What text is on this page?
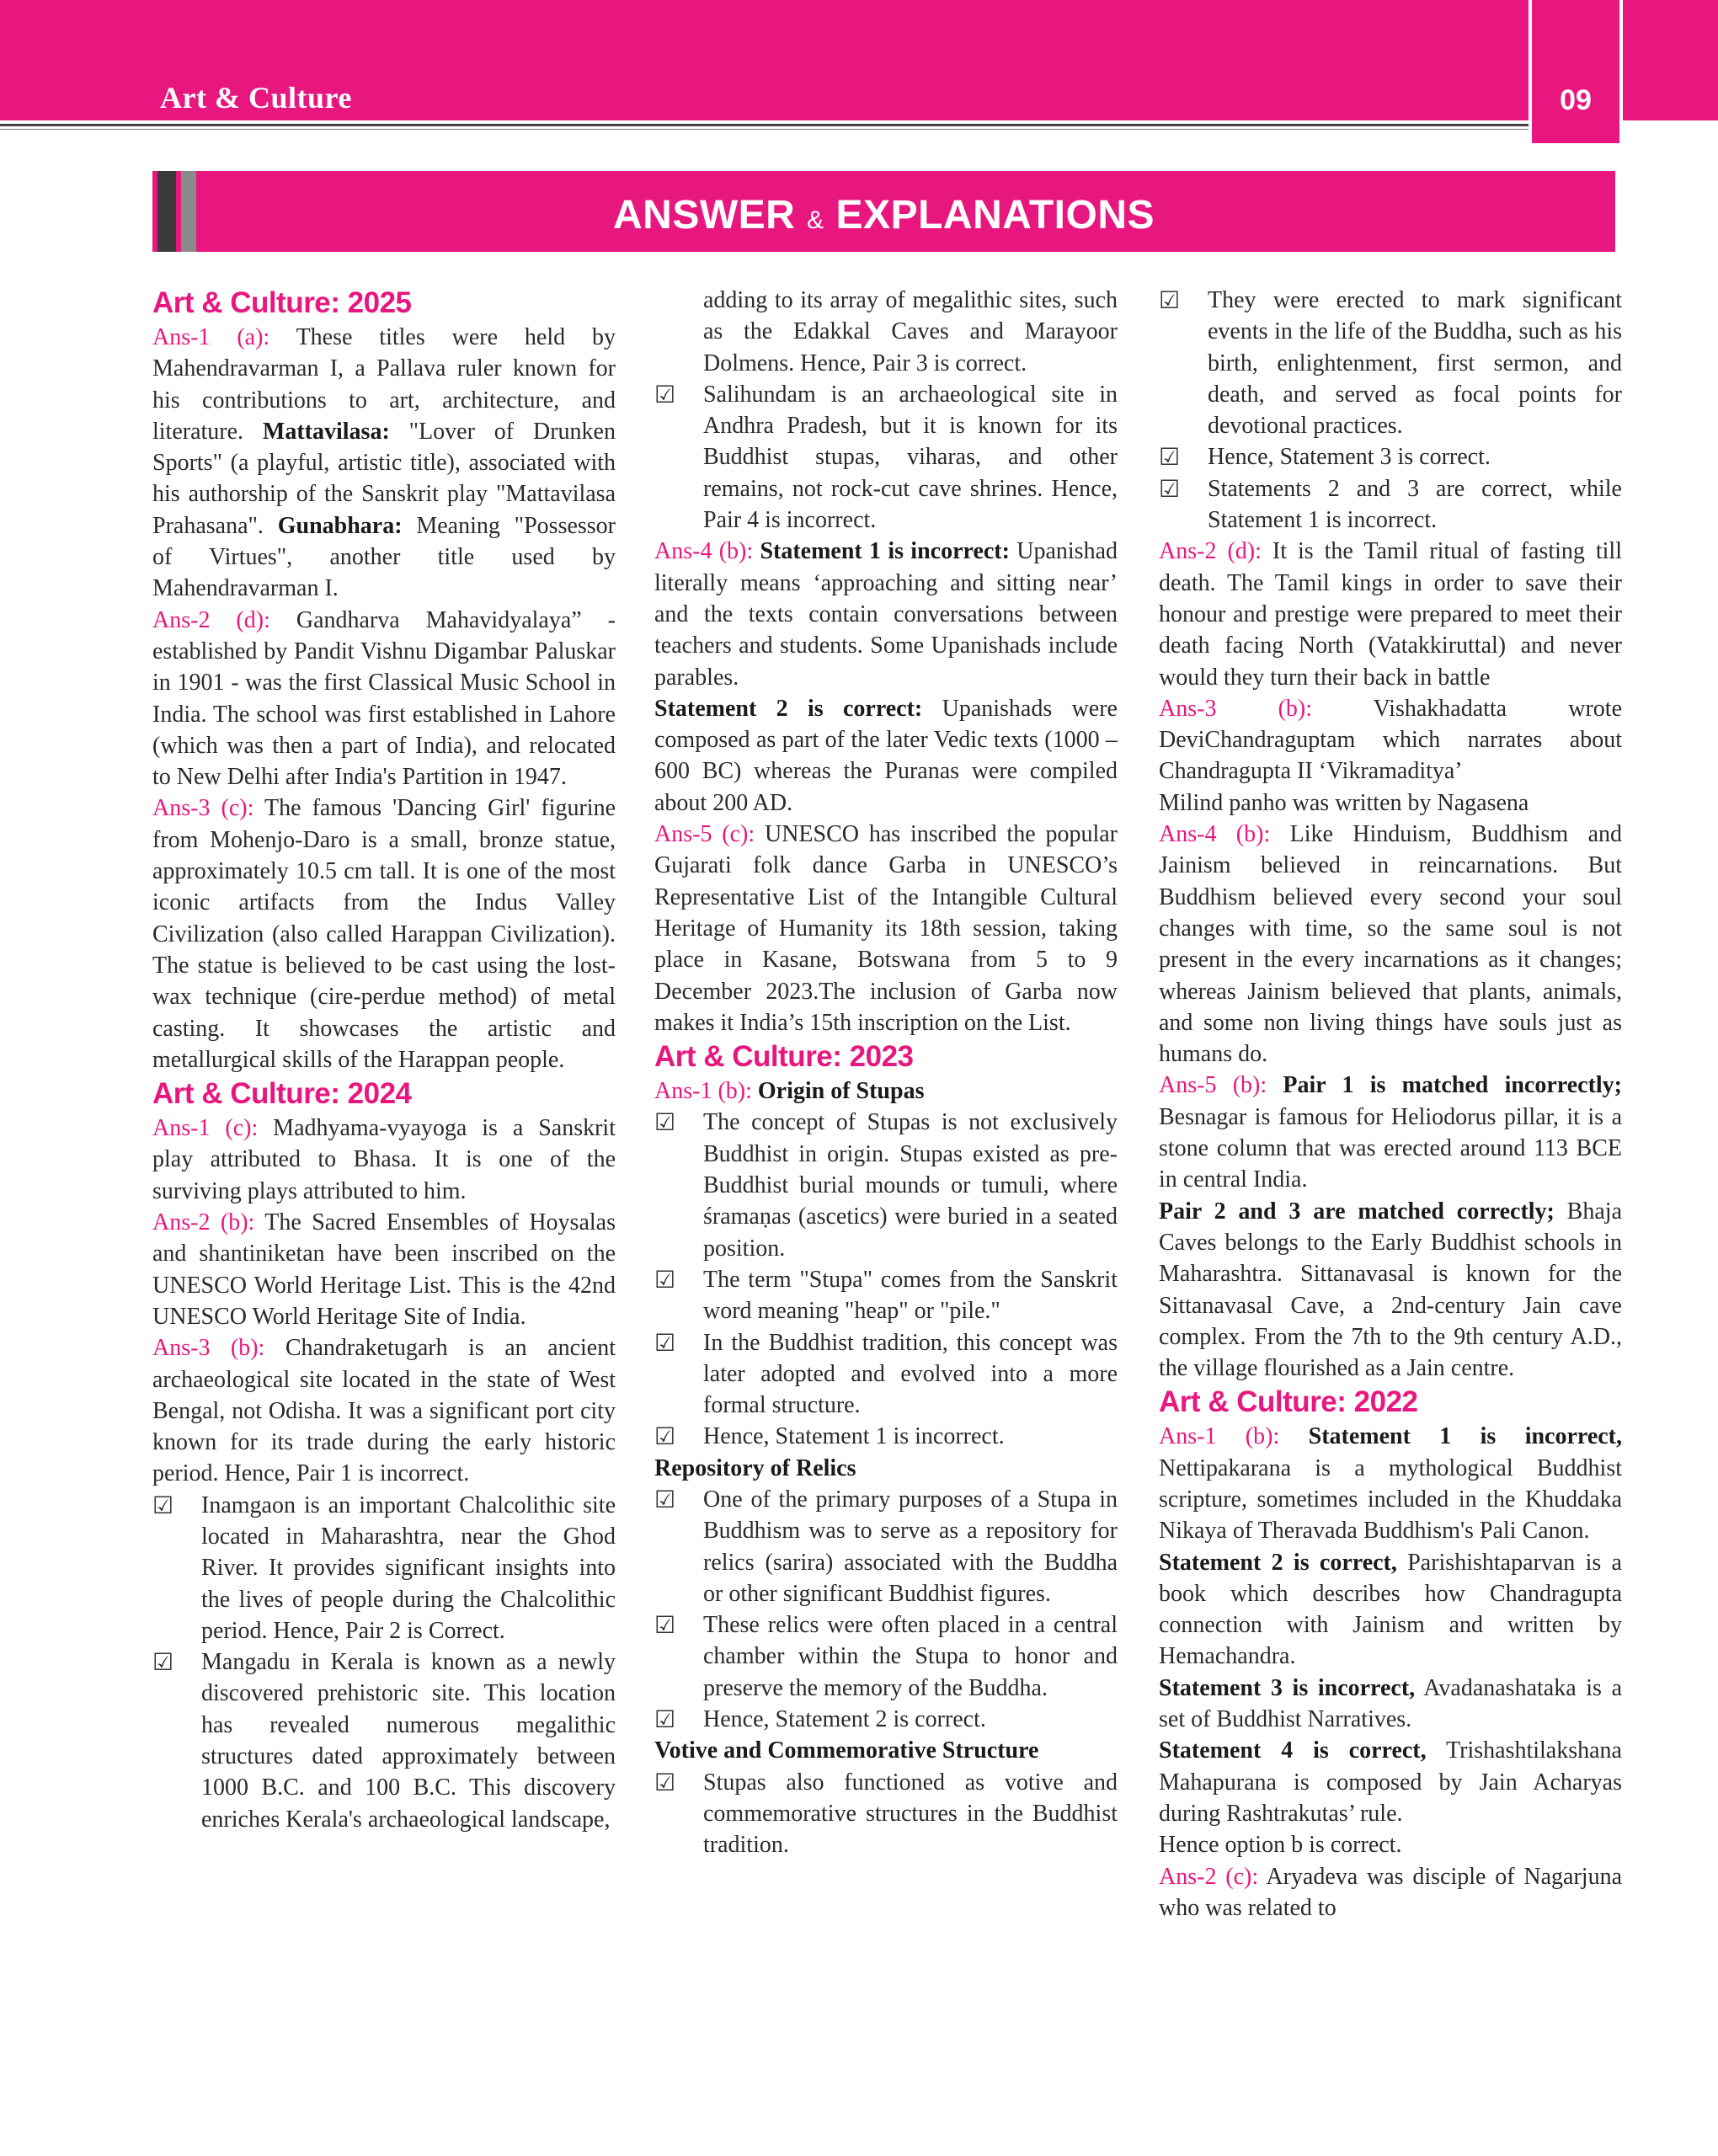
Art & Culture	09
ANSWER & EXPLANATIONS

Art & Culture: 2025

Ans-1 (a): These titles were held by Mahendravarman I, a Pallava ruler known for his contributions to art, architecture, and literature. Mattavilasa: "Lover of Drunken Sports" (a playful, artistic title), associated with his authorship of the Sanskrit play "Mattavilasa Prahasana". Gunabhara: Meaning "Possessor of Virtues", another title used by Mahendravarman I.

Ans-2 (d): Gandharva Mahavidyalaya” - established by Pandit Vishnu Digambar Paluskar in 1901 - was the first Classical Music School in India. The school was first established in Lahore (which was then a part of India), and relocated to New Delhi after India's Partition in 1947.

Ans-3 (c): The famous 'Dancing Girl' figurine from Mohenjo-Daro is a small, bronze statue, approximately 10.5 cm tall. It is one of the most iconic artifacts from the Indus Valley Civilization (also called Harappan Civilization). The statue is believed to be cast using the lost-wax technique (cire-perdue method) of metal casting. It showcases the artistic and metallurgical skills of the Harappan people.

Art & Culture: 2024

Ans-1 (c): Madhyama-vyayoga is a Sanskrit play attributed to Bhasa. It is one of the surviving plays attributed to him.

Ans-2 (b): The Sacred Ensembles of Hoysalas and shantiniketan have been inscribed on the UNESCO World Heritage List. This is the 42nd UNESCO World Heritage Site of India.

Ans-3 (b): Chandraketugarh is an ancient archaeological site located in the state of West Bengal, not Odisha. It was a significant port city known for its trade during the early historic period. Hence, Pair 1 is incorrect.

☑ Inamgaon is an important Chalcolithic site located in Maharashtra, near the Ghod River. It provides significant insights into the lives of people during the Chalcolithic period. Hence, Pair 2 is Correct.

☑ Mangadu in Kerala is known as a newly discovered prehistoric site. This location has revealed numerous megalithic structures dated approximately between 1000 B.C. and 100 B.C. This discovery enriches Kerala's archaeological landscape,

adding to its array of megalithic sites, such as the Edakkal Caves and Marayoor Dolmens. Hence, Pair 3 is correct.

☑ Salihundam is an archaeological site in Andhra Pradesh, but it is known for its Buddhist stupas, viharas, and other remains, not rock-cut cave shrines. Hence, Pair 4 is incorrect.

Ans-4 (b): Statement 1 is incorrect: Upanishad literally means ‘approaching and sitting near’ and the texts contain conversations between teachers and students. Some Upanishads include parables.

Statement 2 is correct: Upanishads were composed as part of the later Vedic texts (1000 – 600 BC) whereas the Puranas were compiled about 200 AD.

Ans-5 (c): UNESCO has inscribed the popular Gujarati folk dance Garba in UNESCO’s Representative List of the Intangible Cultural Heritage of Humanity its 18th session, taking place in Kasane, Botswana from 5 to 9 December 2023.The inclusion of Garba now makes it India’s 15th inscription on the List.

Art & Culture: 2023

Ans-1 (b): Origin of Stupas

☑ The concept of Stupas is not exclusively Buddhist in origin. Stupas existed as pre-Buddhist burial mounds or tumuli, where śramaṇas (ascetics) were buried in a seated position.

☑ The term "Stupa" comes from the Sanskrit word meaning "heap" or "pile."

☑ In the Buddhist tradition, this concept was later adopted and evolved into a more formal structure.

☑ Hence, Statement 1 is incorrect.

Repository of Relics

☑ One of the primary purposes of a Stupa in Buddhism was to serve as a repository for relics (sarira) associated with the Buddha or other significant Buddhist figures.

☑ These relics were often placed in a central chamber within the Stupa to honor and preserve the memory of the Buddha.

☑ Hence, Statement 2 is correct.

Votive and Commemorative Structure

☑ Stupas also functioned as votive and commemorative structures in the Buddhist tradition.

☑ They were erected to mark significant events in the life of the Buddha, such as his birth, enlightenment, first sermon, and death, and served as focal points for devotional practices.

☑ Hence, Statement 3 is correct.

☑ Statements 2 and 3 are correct, while Statement 1 is incorrect.

Ans-2 (d): It is the Tamil ritual of fasting till death. The Tamil kings in order to save their honour and prestige were prepared to meet their death facing North (Vatakkiruttal) and never would they turn their back in battle

Ans-3 (b): Vishakhadatta wrote DeviChandraguptam which narrates about Chandragupta II ‘Vikramaditya’

Milind panho was written by Nagasena

Ans-4 (b): Like Hinduism, Buddhism and Jainism believed in reincarnations. But Buddhism believed every second your soul changes with time, so the same soul is not present in the every incarnations as it changes; whereas Jainism believed that plants, animals, and some non living things have souls just as humans do.

Ans-5 (b): Pair 1 is matched incorrectly; Besnagar is famous for Heliodorus pillar, it is a stone column that was erected around 113 BCE in central India.

Pair 2 and 3 are matched correctly; Bhaja Caves belongs to the Early Buddhist schools in Maharashtra. Sittanavasal is known for the Sittanavasal Cave, a 2nd-century Jain cave complex. From the 7th to the 9th century A.D., the village flourished as a Jain centre.

Art & Culture: 2022

Ans-1 (b): Statement 1 is incorrect, Nettipakarana is a mythological Buddhist scripture, sometimes included in the Khuddaka Nikaya of Theravada Buddhism's Pali Canon.

Statement 2 is correct, Parishishtaparvan is a book which describes how Chandragupta connection with Jainism and written by Hemachandra.

Statement 3 is incorrect, Avadanashataka is a set of Buddhist Narratives.

Statement 4 is correct, Trishashtilakshana Mahapurana is composed by Jain Acharyas during Rashtrakutas’ rule.

Hence option b is correct.

Ans-2 (c): Aryadeva was disciple of Nagarjuna who was related to
